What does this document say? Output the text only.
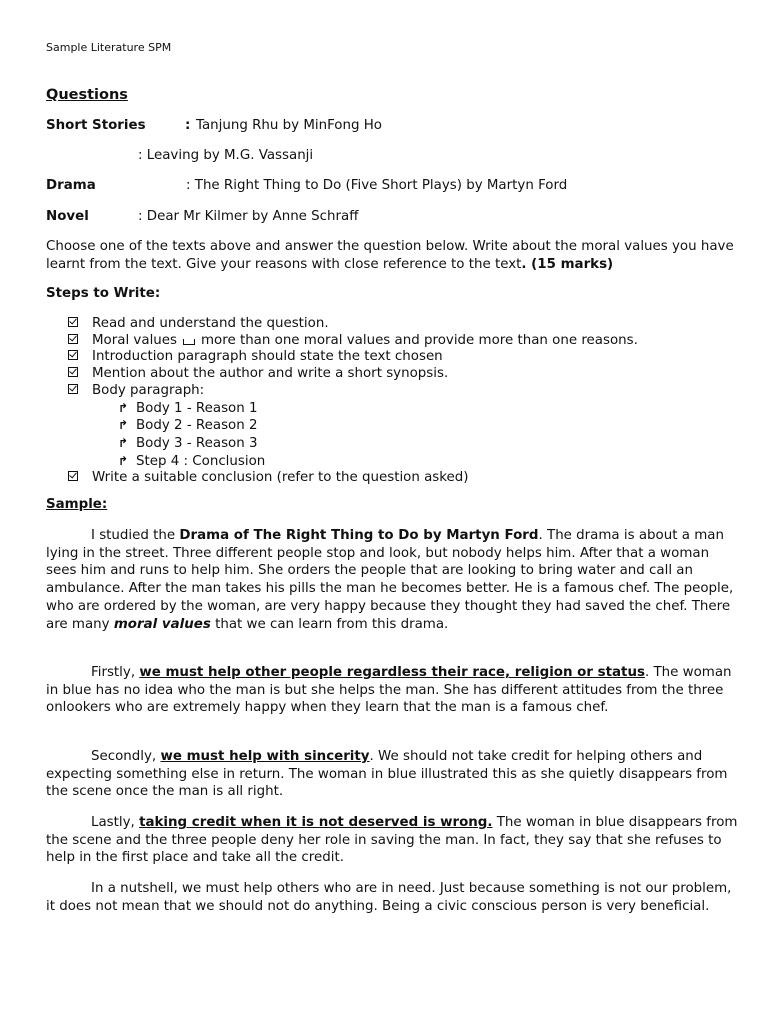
Sample Literature SPM
Questions
Short Stories	: Tanjung Rhu by MinFong Ho
: Leaving by M.G. Vassanji
Drama	: The Right Thing to Do (Five Short Plays) by Martyn Ford
Novel	: Dear Mr Kilmer by Anne Schraff
Choose one of the texts above and answer the question below. Write about the moral values you have learnt from the text. Give your reasons with close reference to the text. (15 marks)
Steps to Write:
Read and understand the question.
Moral values more than one moral values and provide more than one reasons.
Introduction paragraph should state the text chosen
Mention about the author and write a short synopsis.
Body paragraph:
↱ Body 1 - Reason 1
↱ Body 2 - Reason 2
↱ Body 3 - Reason 3
↱ Step 4 : Conclusion
Write a suitable conclusion (refer to the question asked)
Sample:
I studied the Drama of The Right Thing to Do by Martyn Ford. The drama is about a man lying in the street. Three different people stop and look, but nobody helps him. After that a woman sees him and runs to help him. She orders the people that are looking to bring water and call an ambulance. After the man takes his pills the man he becomes better. He is a famous chef. The people, who are ordered by the woman, are very happy because they thought they had saved the chef. There are many moral values that we can learn from this drama.
Firstly, we must help other people regardless their race, religion or status. The woman in blue has no idea who the man is but she helps the man. She has different attitudes from the three onlookers who are extremely happy when they learn that the man is a famous chef.
Secondly, we must help with sincerity. We should not take credit for helping others and expecting something else in return. The woman in blue illustrated this as she quietly disappears from the scene once the man is all right.
Lastly, taking credit when it is not deserved is wrong. The woman in blue disappears from the scene and the three people deny her role in saving the man. In fact, they say that she refuses to help in the first place and take all the credit.
In a nutshell, we must help others who are in need. Just because something is not our problem, it does not mean that we should not do anything. Being a civic conscious person is very beneficial.
